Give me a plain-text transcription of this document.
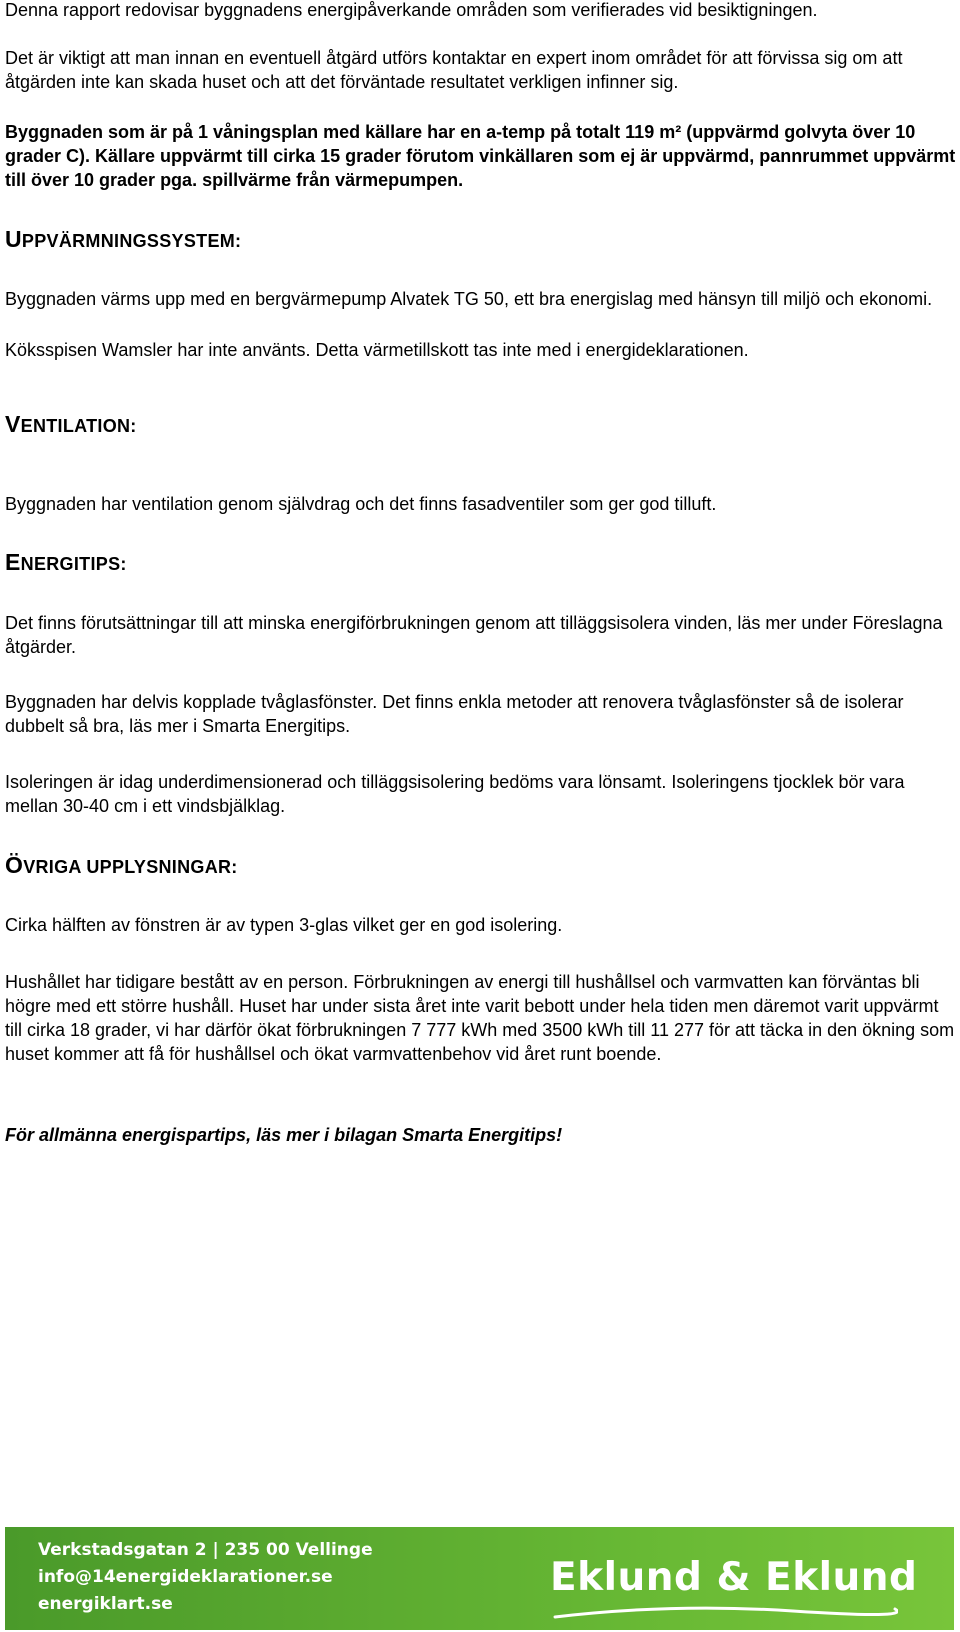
Denna rapport redovisar byggnadens energipåverkande områden som verifierades vid besiktigningen.

Det är viktigt att man innan en eventuell åtgärd utförs kontaktar en expert inom området för att förvissa sig om att åtgärden inte kan skada huset och att det förväntade resultatet verkligen infinner sig.

Byggnaden som är på 1 våningsplan med källare har en a-temp på totalt 119 m² (uppvärmd golvyta över 10 grader C). Källare uppvärmt till cirka 15 grader förutom vinkällaren som ej är uppvärmd, pannrummet uppvärmt till över 10 grader pga. spillvärme från värmepumpen.

UPPVÄRMNINGSSYSTEM:

Byggnaden värms upp med en bergvärmepump Alvatek TG 50, ett bra energislag med hänsyn till miljö och ekonomi.

Köksspisen Wamsler har inte använts. Detta värmetillskott tas inte med i energideklarationen.

VENTILATION:

Byggnaden har ventilation genom självdrag och det finns fasadventiler som ger god tilluft.

ENERGITIPS:

Det finns förutsättningar till att minska energiförbrukningen genom att tilläggsisolera vinden, läs mer under Föreslagna åtgärder.

Byggnaden har delvis kopplade tvåglasfönster. Det finns enkla metoder att renovera tvåglasfönster så de isolerar dubbelt så bra, läs mer i Smarta Energitips.

Isoleringen är idag underdimensionerad och tilläggsisolering bedöms vara lönsamt. Isoleringens tjocklek bör vara mellan 30-40 cm i ett vindsbjälklag.

ÖVRIGA UPPLYSNINGAR:

Cirka hälften av fönstren är av typen 3-glas vilket ger en god isolering.

Hushållet har tidigare bestått av en person. Förbrukningen av energi till hushållsel och varmvatten kan förväntas bli högre med ett större hushåll. Huset har under sista året inte varit bebott under hela tiden men däremot varit uppvärmt till cirka 18 grader, vi har därför ökat förbrukningen 7 777 kWh med 3500 kWh till 11 277 för att täcka in den ökning som huset kommer att få för hushållsel och ökat varmvattenbehov vid året runt boende.

För allmänna energispartips, läs mer i bilagan Smarta Energitips!

Verkstadsgatan 2 | 235 00 Vellinge
info@14energideklarationer.se
energiklart.se
Eklund & Eklund
